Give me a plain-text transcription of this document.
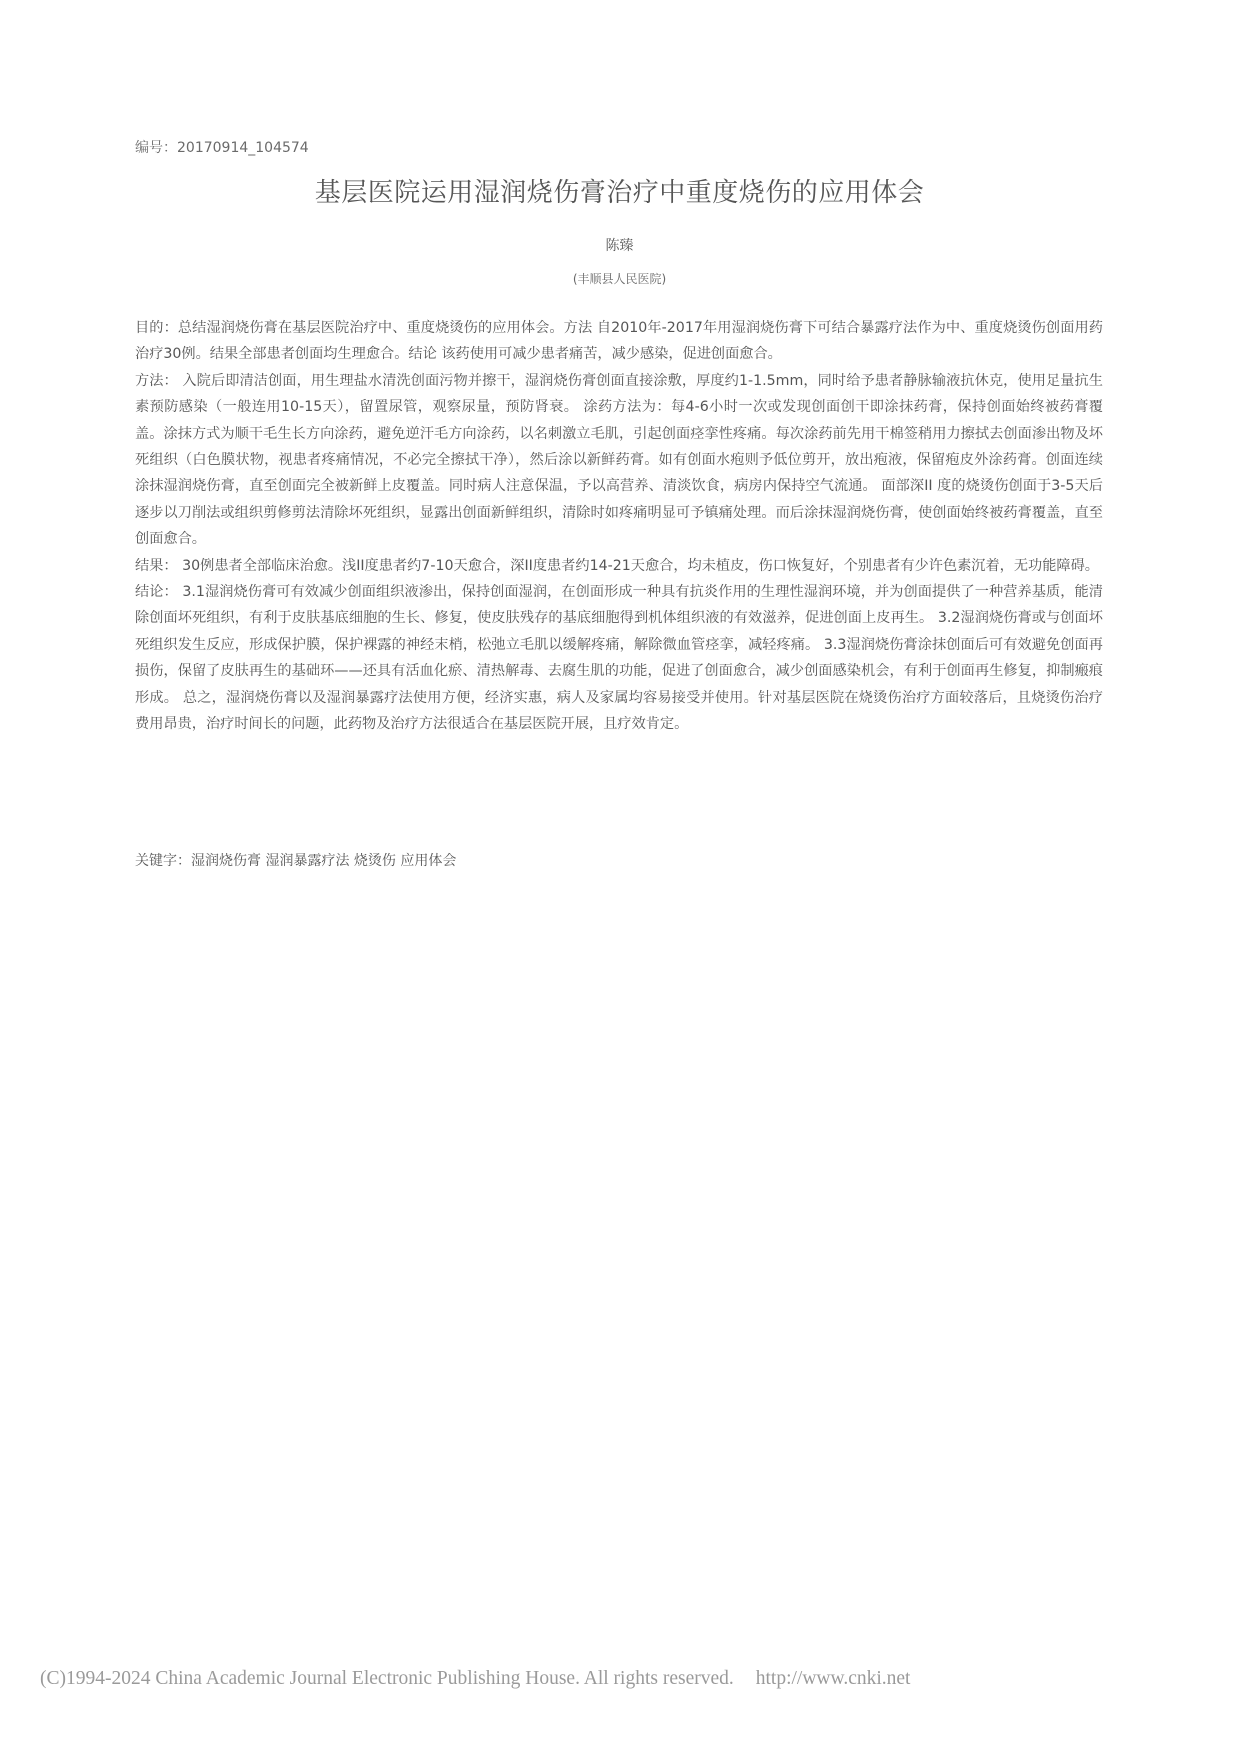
编号：20170914_104574
基层医院运用湿润烧伤膏治疗中重度烧伤的应用体会
陈臻
(丰顺县人民医院)

目的：总结湿润烧伤膏在基层医院治疗中、重度烧烫伤的应用体会。方法 自2010年-2017年用湿润烧伤膏下可结合暴露疗法作为中、重度烧烫伤创面用药治疗30例。结果全部患者创面均生理愈合。结论 该药使用可减少患者痛苦，减少感染，促进创面愈合。

方法： 入院后即清洁创面，用生理盐水清洗创面污物并擦干，湿润烧伤膏创面直接涂敷，厚度约1-1.5mm，同时给予患者静脉输液抗休克，使用足量抗生素预防感染（一般连用10-15天），留置尿管，观察尿量，预防肾衰。 涂药方法为：每4-6小时一次或发现创面创干即涂抹药膏，保持创面始终被药膏覆盖。涂抹方式为顺干毛生长方向涂药，避免逆汗毛方向涂药，以名刺激立毛肌，引起创面痉挛性疼痛。每次涂药前先用干棉签稍用力擦拭去创面渗出物及坏死组织（白色膜状物，视患者疼痛情况，不必完全擦拭干净），然后涂以新鲜药膏。如有创面水疱则予低位剪开，放出疱液，保留疱皮外涂药膏。创面连续涂抹湿润烧伤膏，直至创面完全被新鲜上皮覆盖。同时病人注意保温，予以高营养、清淡饮食，病房内保持空气流通。 面部深II 度的烧烫伤创面于3-5天后逐步以刀削法或组织剪修剪法清除坏死组织，显露出创面新鲜组织，清除时如疼痛明显可予镇痛处理。而后涂抹湿润烧伤膏，使创面始终被药膏覆盖，直至创面愈合。

结果： 30例患者全部临床治愈。浅II度患者约7-10天愈合，深II度患者约14-21天愈合，均未植皮，伤口恢复好，个别患者有少许色素沉着，无功能障碍。

结论： 3.1湿润烧伤膏可有效减少创面组织液渗出，保持创面湿润，在创面形成一种具有抗炎作用的生理性湿润环境，并为创面提供了一种营养基质，能清除创面坏死组织，有利于皮肤基底细胞的生长、修复，使皮肤残存的基底细胞得到机体组织液的有效滋养，促进创面上皮再生。 3.2湿润烧伤膏或与创面坏死组织发生反应，形成保护膜，保护裸露的神经末梢，松弛立毛肌以缓解疼痛，解除微血管痉挛，减轻疼痛。 3.3湿润烧伤膏涂抹创面后可有效避免创面再损伤，保留了皮肤再生的基础环——还具有活血化瘀、清热解毒、去腐生肌的功能，促进了创面愈合，减少创面感染机会，有利于创面再生修复，抑制瘢痕形成。 总之，湿润烧伤膏以及湿润暴露疗法使用方便，经济实惠，病人及家属均容易接受并使用。针对基层医院在烧烫伤治疗方面较落后，且烧烫伤治疗费用昂贵，治疗时间长的问题，此药物及治疗方法很适合在基层医院开展，且疗效肯定。

关键字：湿润烧伤膏 湿润暴露疗法 烧烫伤 应用体会
(C)1994-2024 China Academic Journal Electronic Publishing House. All rights reserved. http://www.cnki.net
